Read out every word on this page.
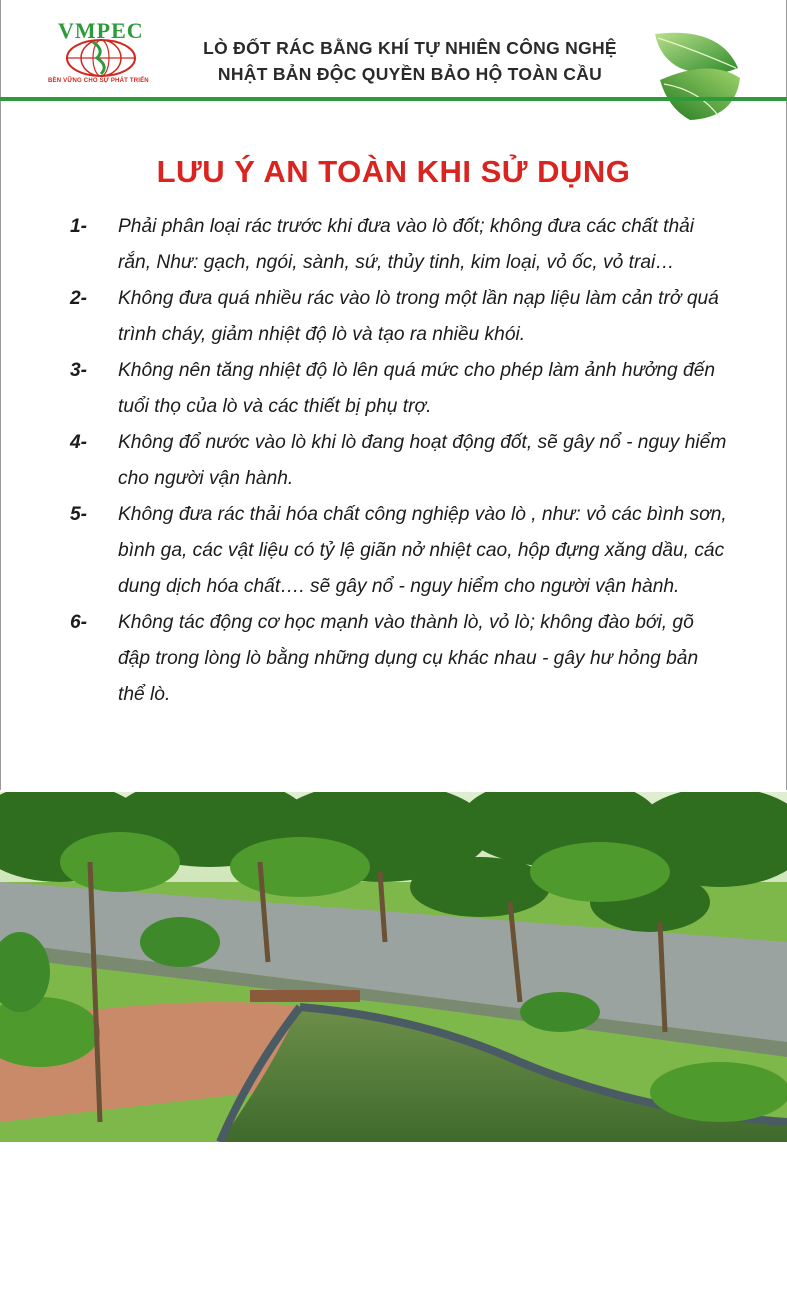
VMPEC
BỀN VỮNG CHO SỰ PHÁT TRIỂN
LÒ ĐỐT RÁC BẰNG KHÍ TỰ NHIÊN CÔNG NGHỆ
NHẬT BẢN ĐỘC QUYỀN BẢO HỘ TOÀN CẦU
LƯU Ý AN TOÀN KHI SỬ DỤNG
1- Phải phân loại rác trước khi đưa vào lò đốt; không đưa các chất thải rắn, Như: gạch, ngói, sành, sứ, thủy tinh, kim loại, vỏ ốc, vỏ trai…
2- Không đưa quá nhiều rác vào lò trong một lần nạp liệu làm cản trở quá trình cháy, giảm nhiệt độ lò và tạo ra nhiều khói.
3- Không nên tăng nhiệt độ lò lên quá mức cho phép làm ảnh hưởng đến tuổi thọ của lò và các thiết bị phụ trợ.
4- Không đổ nước vào lò khi lò đang hoạt động đốt, sẽ gây nổ - nguy hiểm cho người vận hành.
5- Không đưa rác thải hóa chất công nghiệp vào lò , như: vỏ các bình sơn, bình ga, các vật liệu có tỷ lệ giãn nở nhiệt cao, hộp đựng xăng dầu, các dung dịch hóa chất…. sẽ gây nổ - nguy hiểm cho người vận hành.
6- Không tác động cơ học mạnh vào thành lò, vỏ lò; không đào bới, gõ đập trong lòng lò bằng những dụng cụ khác nhau - gây hư hỏng bản thể lò.
